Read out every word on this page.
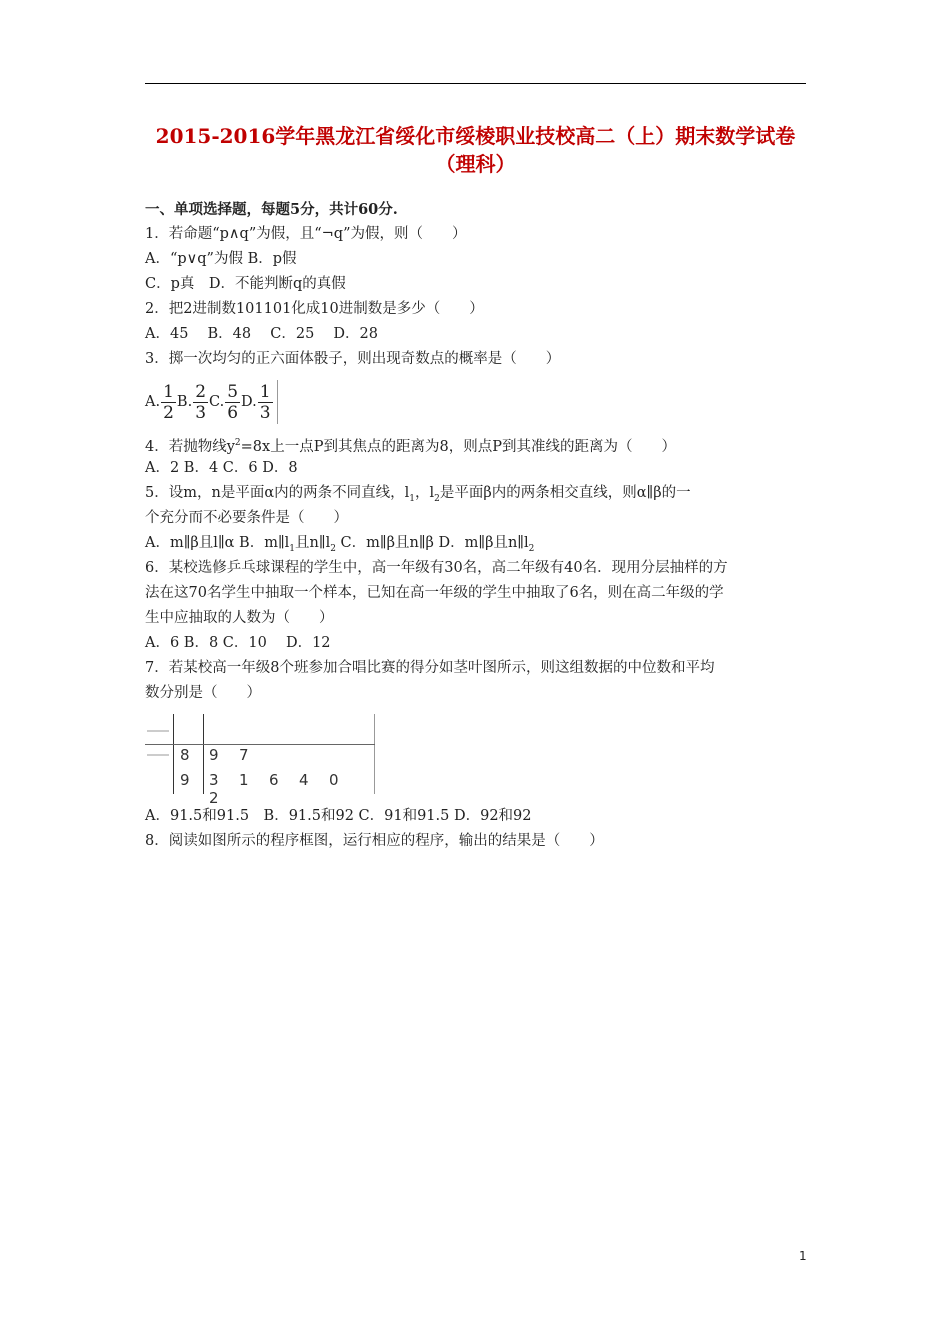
2015-2016学年黑龙江省绥化市绥棱职业技校高二（上）期末数学试卷（理科）
一、单项选择题，每题5分，共计60分.
1．若命题“p∧q”为假，且“¬q”为假，则（　　）
A．“p∨q”为假 B．p假
C．p真　D．不能判断q的真假
2．把2进制数101101化成10进制数是多少（　　）
A．45　 B．48　 C．25　 D．28
3．掷一次均匀的正六面体骰子，则出现奇数点的概率是（　　）
A. $\frac{1}{2} B$. $\frac{2}{3} C$. $\frac{5}{6} D$. $\frac{1}{3}$
4．若抛物线$y^2=8x$上一点P到其焦点的距离为8，则点P到其准线的距离为（　　）
A．2 B．4 C．6 D．8
5．设m，n是平面α内的两条不同直线，$l_1$，$l_2$是平面β内的两条相交直线，则α∥β的一
个充分而不必要条件是（　　）
A．m∥β且l∥α B．$m\parallel l_1$且$n\parallel l_2$ C．m∥β且n∥β D．m∥β且$n\parallel l_2$
6．某校选修乒乓球课程的学生中，高一年级有30名，高二年级有40名．现用分层抽样的方
法在这70名学生中抽取一个样本，已知在高一年级的学生中抽取了6名，则在高二年级的学
生中应抽取的人数为（　　）
A．6 B．8 C．10　 D．12
7．若某校高一年级8个班参加合唱比赛的得分如茎叶图所示，则这组数据的中位数和平均
数分别是（　　）
8 9 7
9 3 1 6 4 02
A．91.5和91.5　B．91.5和92 C．91和91.5 D．92和92
8．阅读如图所示的程序框图，运行相应的程序，输出的结果是（　　）
1
